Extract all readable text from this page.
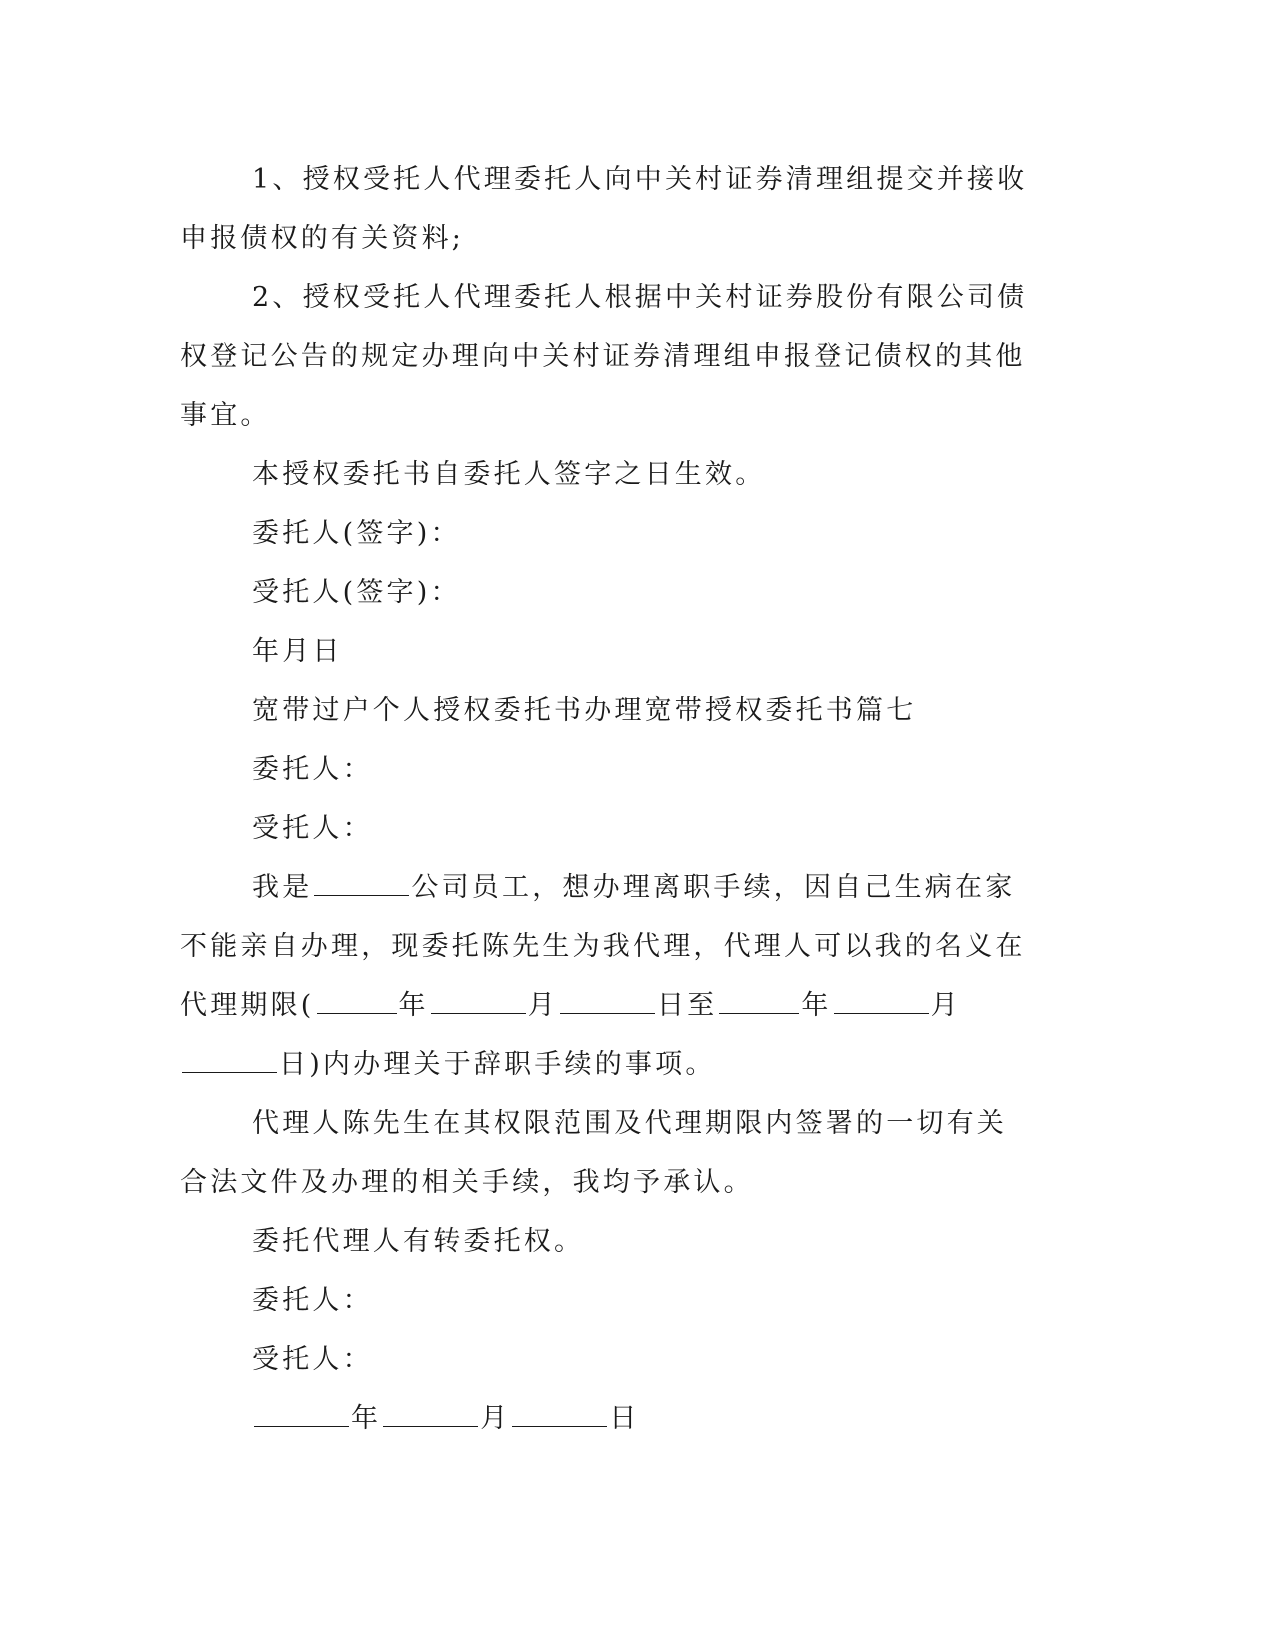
1、授权受托人代理委托人向中关村证券清理组提交并接收申报债权的有关资料;

2、授权受托人代理委托人根据中关村证券股份有限公司债权登记公告的规定办理向中关村证券清理组申报登记债权的其他事宜。

本授权委托书自委托人签字之日生效。

委托人(签字)：

受托人(签字)：

年月日

宽带过户个人授权委托书办理宽带授权委托书篇七

委托人：

受托人：

我是	公司员工，想办理离职手续，因自己生病在家不能亲自办理，现委托陈先生为我代理，代理人可以我的名义在代理期限(	年	月	日至	年	月日)内办理关于辞职手续的事项。

代理人陈先生在其权限范围及代理期限内签署的一切有关合法文件及办理的相关手续，我均予承认。

委托代理人有转委托权。

委托人：

受托人：

年	月	日
